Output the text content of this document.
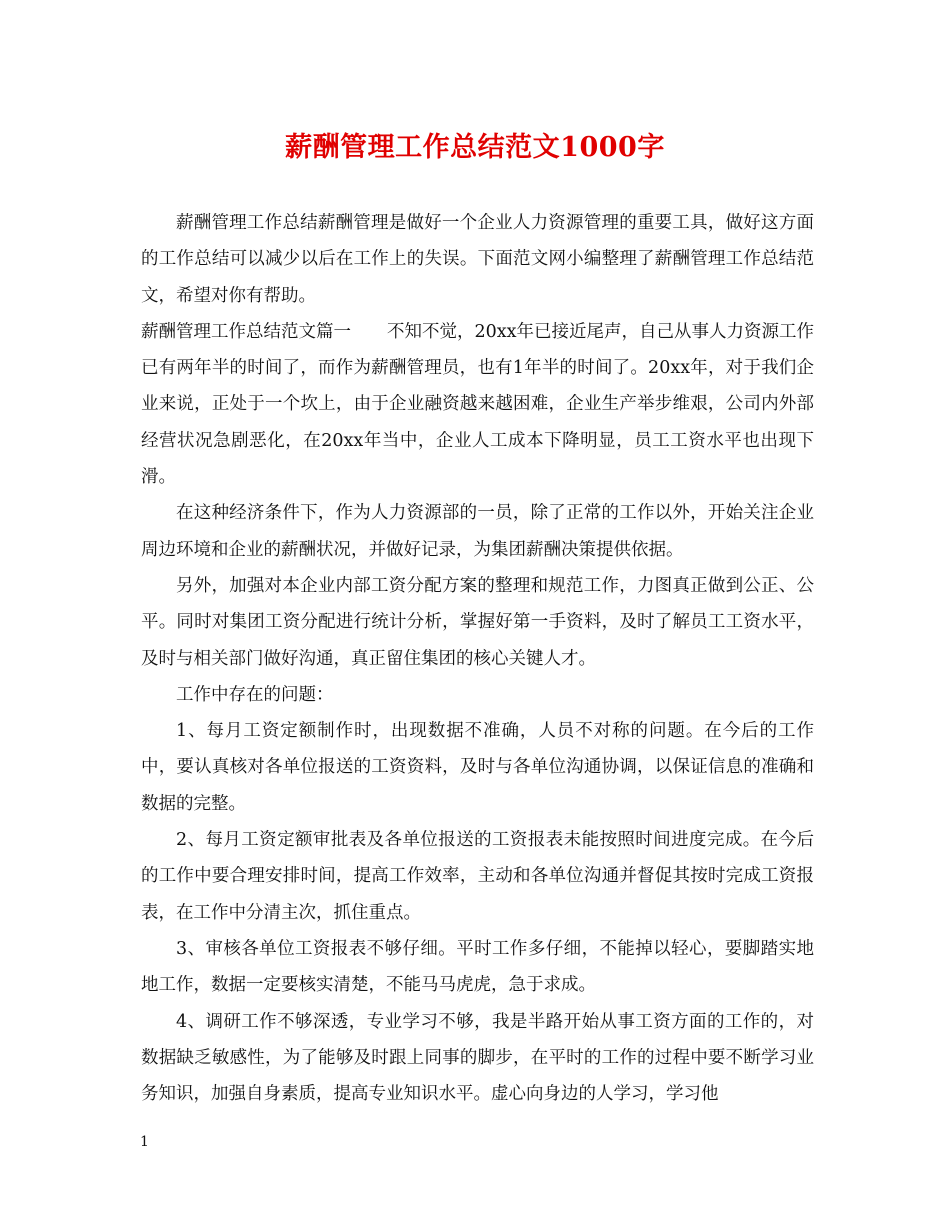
薪酬管理工作总结范文1000字

薪酬管理工作总结薪酬管理是做好一个企业人力资源管理的重要工具，做好这方面的工作总结可以减少以后在工作上的失误。下面范文网小编整理了薪酬管理工作总结范文，希望对你有帮助。

薪酬管理工作总结范文篇一 不知不觉，20xx年已接近尾声，自己从事人力资源工作已有两年半的时间了，而作为薪酬管理员，也有1年半的时间了。20xx年，对于我们企业来说，正处于一个坎上，由于企业融资越来越困难，企业生产举步维艰，公司内外部经营状况急剧恶化，在20xx年当中，企业人工成本下降明显，员工工资水平也出现下滑。

在这种经济条件下，作为人力资源部的一员，除了正常的工作以外，开始关注企业周边环境和企业的薪酬状况，并做好记录，为集团薪酬决策提供依据。

另外，加强对本企业内部工资分配方案的整理和规范工作，力图真正做到公正、公平。同时对集团工资分配进行统计分析，掌握好第一手资料，及时了解员工工资水平，及时与相关部门做好沟通，真正留住集团的核心关键人才。

工作中存在的问题：

1、每月工资定额制作时，出现数据不准确，人员不对称的问题。在今后的工作中，要认真核对各单位报送的工资资料，及时与各单位沟通协调，以保证信息的准确和数据的完整。

2、每月工资定额审批表及各单位报送的工资报表未能按照时间进度完成。在今后的工作中要合理安排时间，提高工作效率，主动和各单位沟通并督促其按时完成工资报表，在工作中分清主次，抓住重点。

3、审核各单位工资报表不够仔细。平时工作多仔细，不能掉以轻心，要脚踏实地地工作，数据一定要核实清楚，不能马马虎虎，急于求成。

4、调研工作不够深透，专业学习不够，我是半路开始从事工资方面的工作的，对数据缺乏敏感性，为了能够及时跟上同事的脚步，在平时的工作的过程中要不断学习业务知识，加强自身素质，提高专业知识水平。虚心向身边的人学习，学习他

1
